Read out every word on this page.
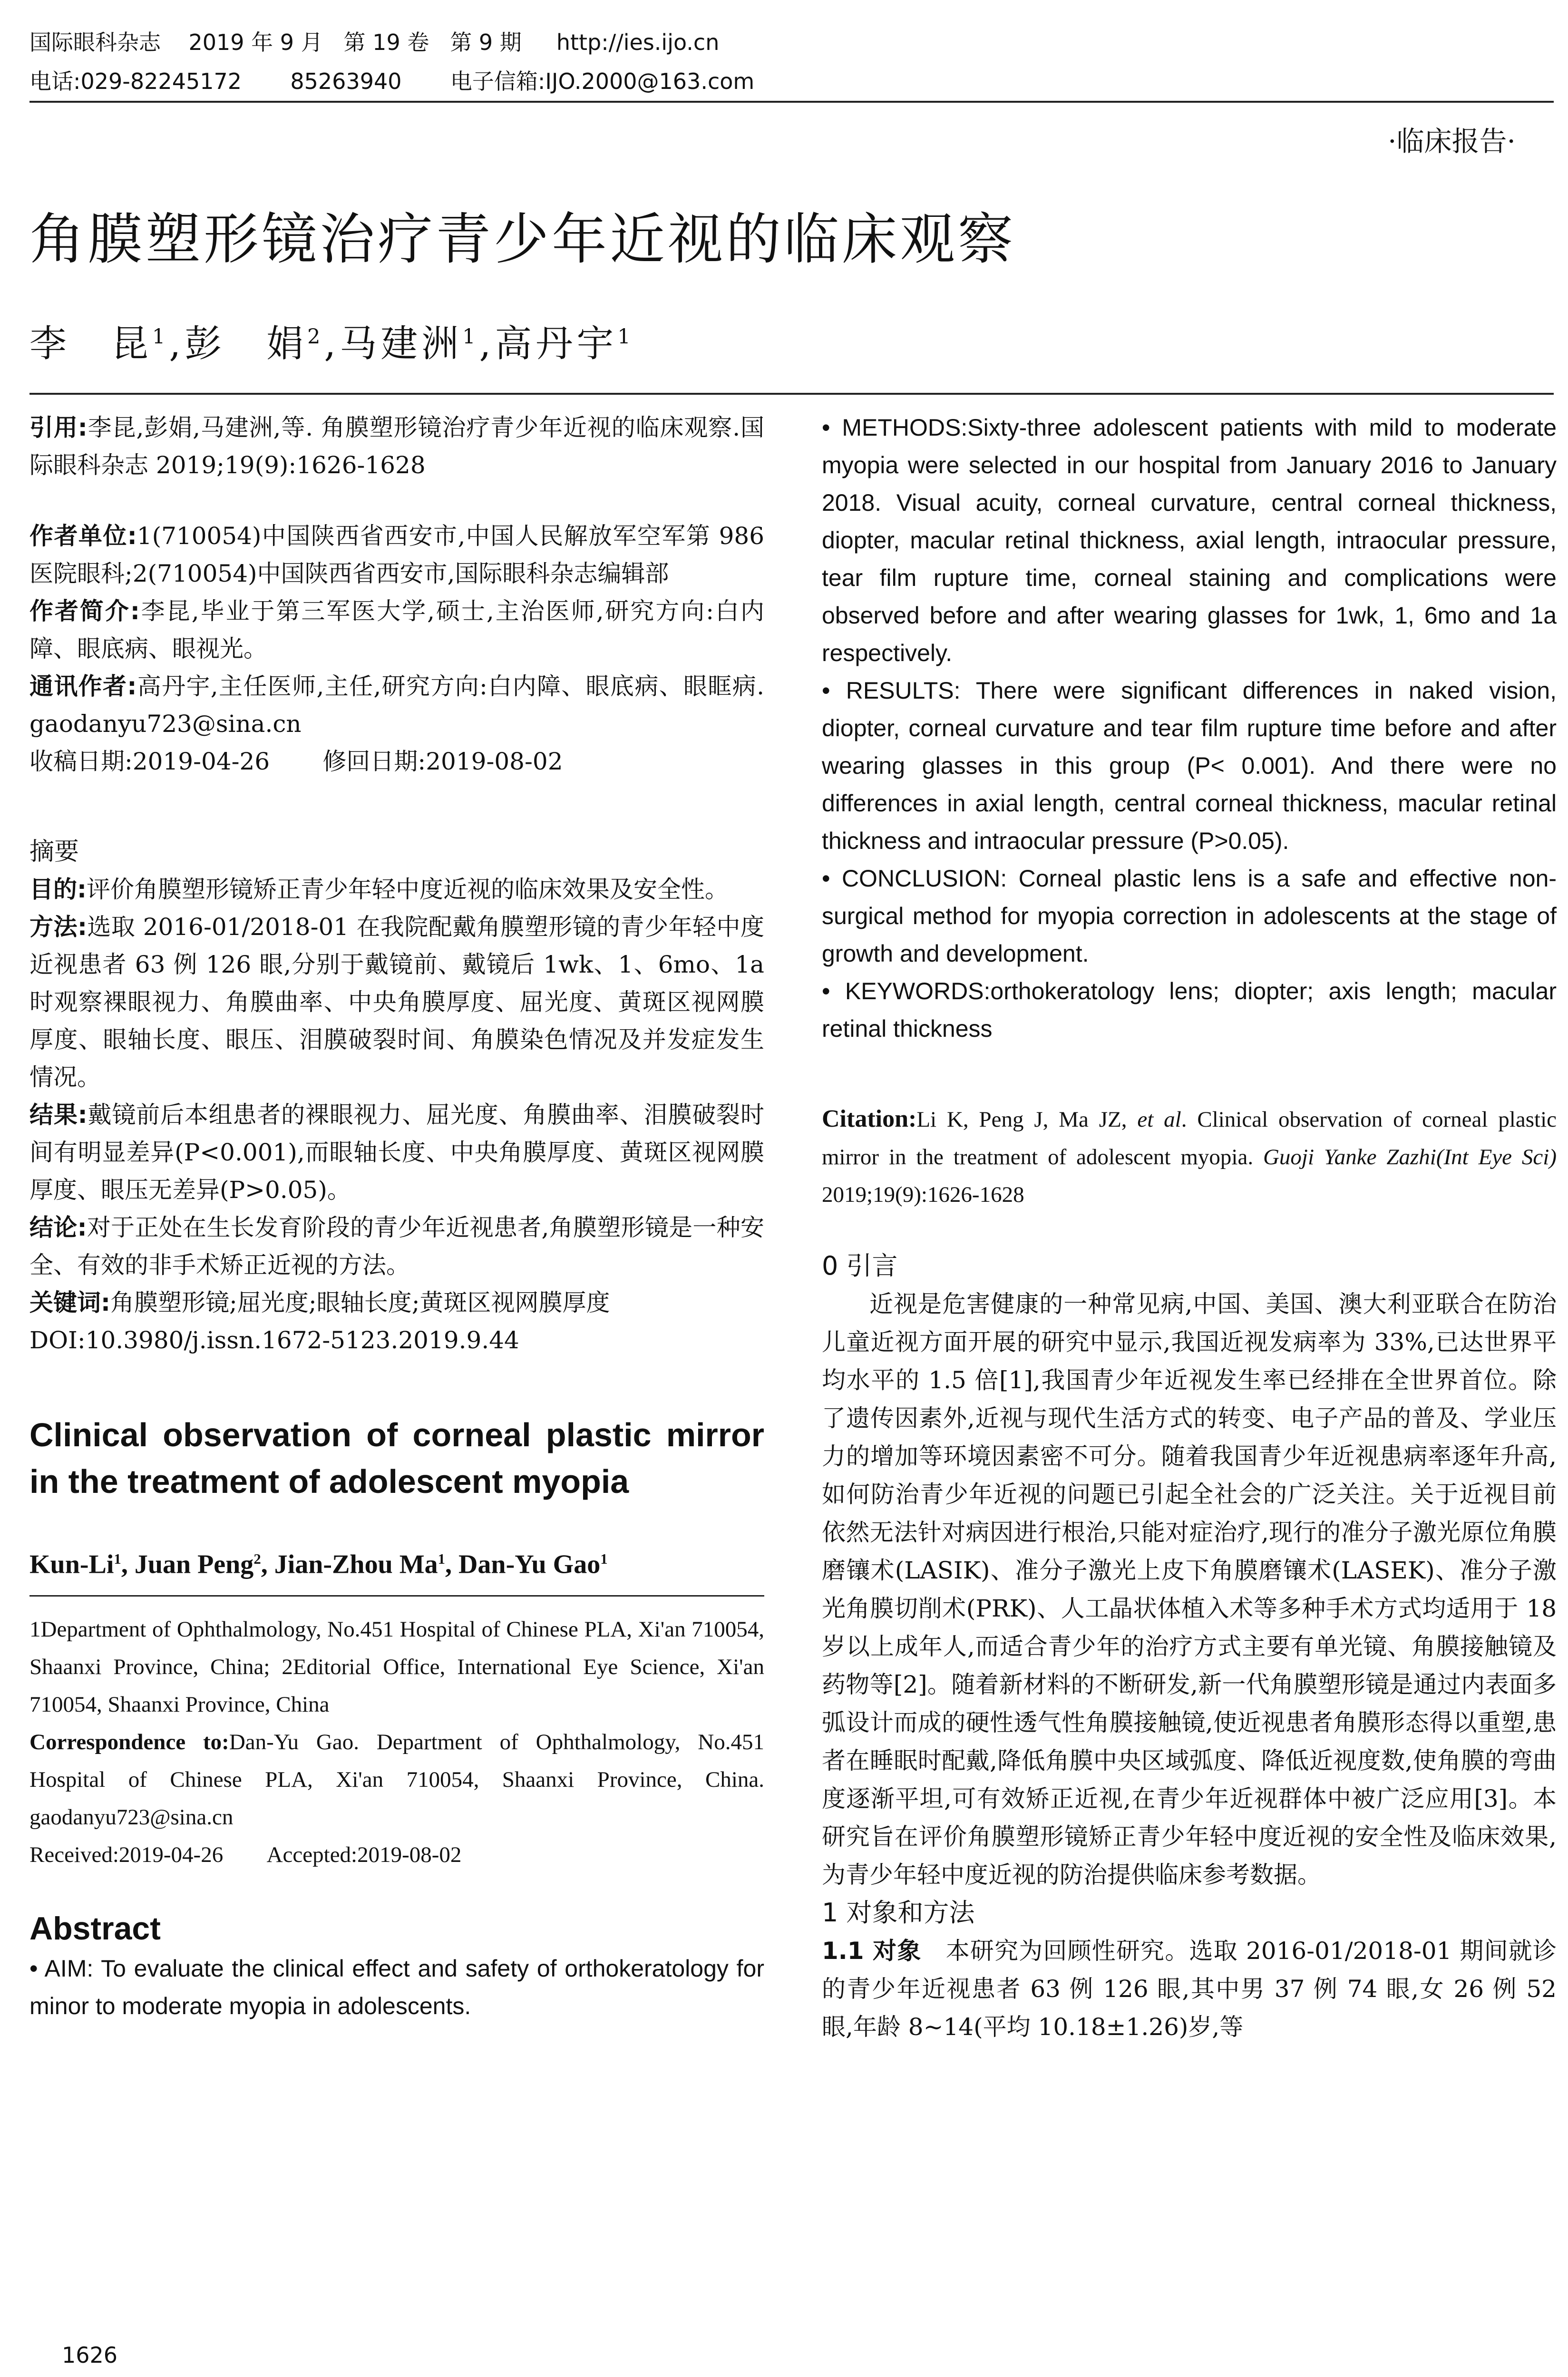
国际眼科杂志    2019 年 9 月   第 19 卷   第 9 期     http://ies.ijo.cn
电话:029-82245172       85263940       电子信箱:IJO.2000@163.com
·临床报告·
角膜塑形镜治疗青少年近视的临床观察
李　昆$^1$,彭　娟$^2$,马建洲$^1$,高丹宇$^1$

引用:李昆,彭娟,马建洲,等. 角膜塑形镜治疗青少年近视的临床观察.国际眼科杂志 2019;19(9):1626-1628

作者单位:1(710054)中国陕西省西安市,中国人民解放军空军第 986 医院眼科;2(710054)中国陕西省西安市,国际眼科杂志编辑部

作者简介:李昆,毕业于第三军医大学,硕士,主治医师,研究方向:白内障、眼底病、眼视光。

通讯作者:高丹宇,主任医师,主任,研究方向:白内障、眼底病、眼眶病. gaodanyu723@sina.cn

收稿日期:2019-04-26       修回日期:2019-08-02

摘要

目的:评价角膜塑形镜矫正青少年轻中度近视的临床效果及安全性。

方法:选取 2016-01/2018-01 在我院配戴角膜塑形镜的青少年轻中度近视患者 63 例 126 眼,分别于戴镜前、戴镜后 1wk、1、6mo、1a 时观察裸眼视力、角膜曲率、中央角膜厚度、屈光度、黄斑区视网膜厚度、眼轴长度、眼压、泪膜破裂时间、角膜染色情况及并发症发生情况。

结果:戴镜前后本组患者的裸眼视力、屈光度、角膜曲率、泪膜破裂时间有明显差异(P<0.001),而眼轴长度、中央角膜厚度、黄斑区视网膜厚度、眼压无差异(P>0.05)。

结论:对于正处在生长发育阶段的青少年近视患者,角膜塑形镜是一种安全、有效的非手术矫正近视的方法。

关键词:角膜塑形镜;屈光度;眼轴长度;黄斑区视网膜厚度

DOI:10.3980/j.issn.1672-5123.2019.9.44

Clinical observation of corneal plastic mirror in the treatment of adolescent myopia
Kun-Li$^1$, Juan Peng$^2$, Jian-Zhou Ma$^1$, Dan-Yu Gao$^1$

1Department of Ophthalmology, No.451 Hospital of Chinese PLA, Xi'an 710054, Shaanxi Province, China; 2Editorial Office, International Eye Science, Xi'an 710054, Shaanxi Province, China

Correspondence to:Dan-Yu Gao. Department of Ophthalmology, No.451 Hospital of Chinese PLA, Xi'an 710054, Shaanxi Province, China. gaodanyu723@sina.cn

Received:2019-04-26        Accepted:2019-08-02

Abstract

• AIM: To evaluate the clinical effect and safety of orthokeratology for minor to moderate myopia in adolescents.

• METHODS:Sixty-three adolescent patients with mild to moderate myopia were selected in our hospital from January 2016 to January 2018. Visual acuity, corneal curvature, central corneal thickness, diopter, macular retinal thickness, axial length, intraocular pressure, tear film rupture time, corneal staining and complications were observed before and after wearing glasses for 1wk, 1, 6mo and 1a respectively.

• RESULTS: There were significant differences in naked vision, diopter, corneal curvature and tear film rupture time before and after wearing glasses in this group (P< 0.001). And there were no differences in axial length, central corneal thickness, macular retinal thickness and intraocular pressure (P>0.05).

• CONCLUSION: Corneal plastic lens is a safe and effective non-surgical method for myopia correction in adolescents at the stage of growth and development.

• KEYWORDS:orthokeratology lens; diopter; axis length; macular retinal thickness

Citation:Li K, Peng J, Ma JZ, et al. Clinical observation of corneal plastic mirror in the treatment of adolescent myopia. Guoji Yanke Zazhi(Int Eye Sci) 2019;19(9):1626-1628

0 引言

近视是危害健康的一种常见病,中国、美国、澳大利亚联合在防治儿童近视方面开展的研究中显示,我国近视发病率为 33%,已达世界平均水平的 1.5 倍[1],我国青少年近视发生率已经排在全世界首位。除了遗传因素外,近视与现代生活方式的转变、电子产品的普及、学业压力的增加等环境因素密不可分。随着我国青少年近视患病率逐年升高,如何防治青少年近视的问题已引起全社会的广泛关注。关于近视目前依然无法针对病因进行根治,只能对症治疗,现行的准分子激光原位角膜磨镶术(LASIK)、准分子激光上皮下角膜磨镶术(LASEK)、准分子激光角膜切削术(PRK)、人工晶状体植入术等多种手术方式均适用于 18 岁以上成年人,而适合青少年的治疗方式主要有单光镜、角膜接触镜及药物等[2]。随着新材料的不断研发,新一代角膜塑形镜是通过内表面多弧设计而成的硬性透气性角膜接触镜,使近视患者角膜形态得以重塑,患者在睡眠时配戴,降低角膜中央区域弧度、降低近视度数,使角膜的弯曲度逐渐平坦,可有效矫正近视,在青少年近视群体中被广泛应用[3]。本研究旨在评价角膜塑形镜矫正青少年轻中度近视的安全性及临床效果,为青少年轻中度近视的防治提供临床参考数据。

1 对象和方法

1.1 对象　本研究为回顾性研究。选取 2016-01/2018-01 期间就诊的青少年近视患者 63 例 126 眼,其中男 37 例 74 眼,女 26 例 52 眼,年龄 8~14(平均 10.18±1.26)岁,等

1626
